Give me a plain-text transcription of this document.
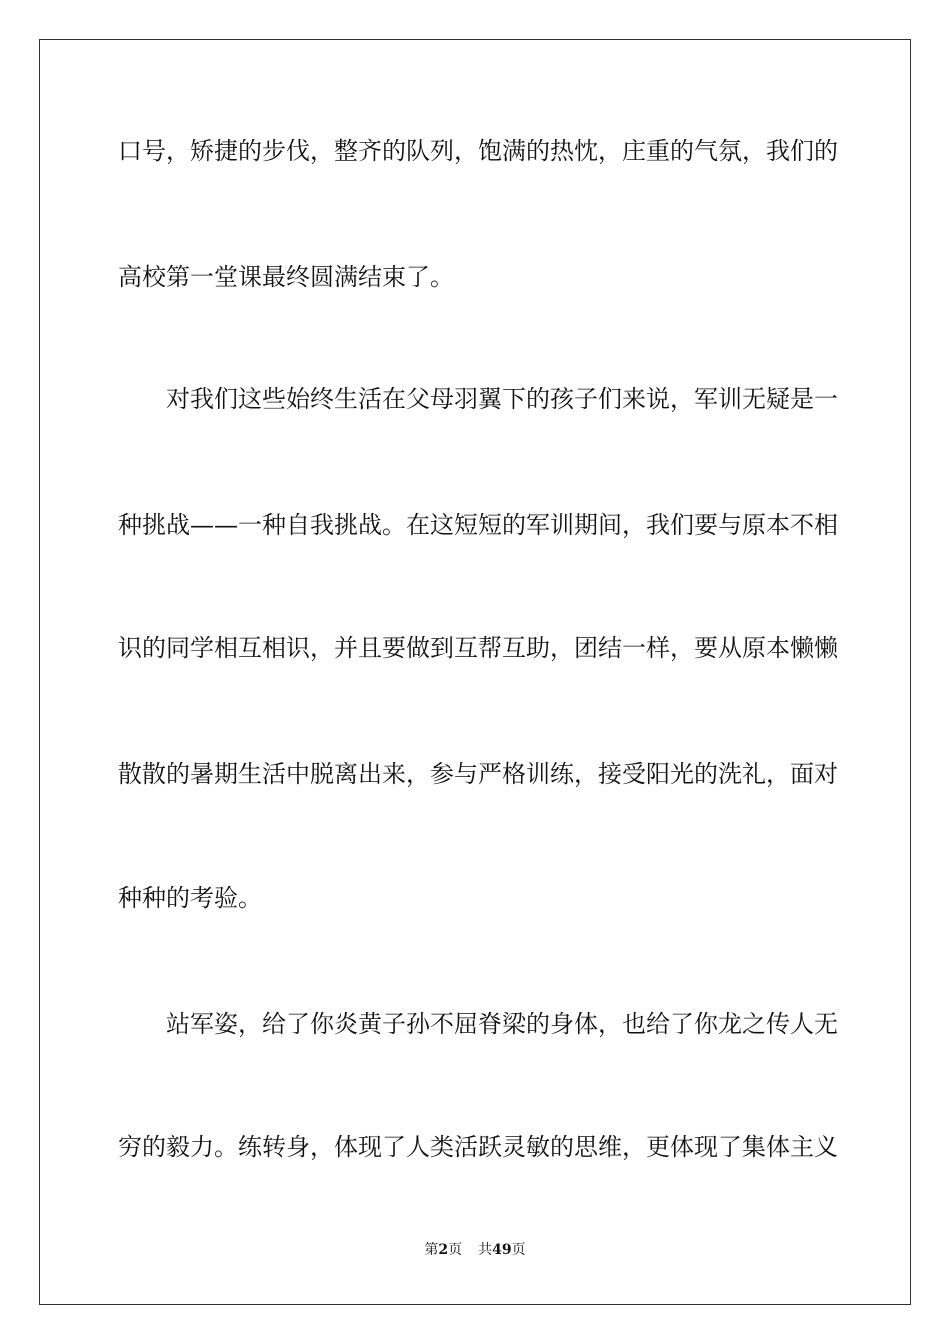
口号，矫捷的步伐，整齐的队列，饱满的热忱，庄重的气氛，我们的
高校第一堂课最终圆满结束了。
对我们这些始终生活在父母羽翼下的孩子们来说，军训无疑是一
种挑战——一种自我挑战。在这短短的军训期间，我们要与原本不相
识的同学相互相识，并且要做到互帮互助，团结一样，要从原本懒懒
散散的暑期生活中脱离出来，参与严格训练，接受阳光的洗礼，面对
种种的考验。
站军姿，给了你炎黄子孙不屈脊梁的身体，也给了你龙之传人无
穷的毅力。练转身，体现了人类活跃灵敏的思维，更体现了集体主义
第2页 共49页
